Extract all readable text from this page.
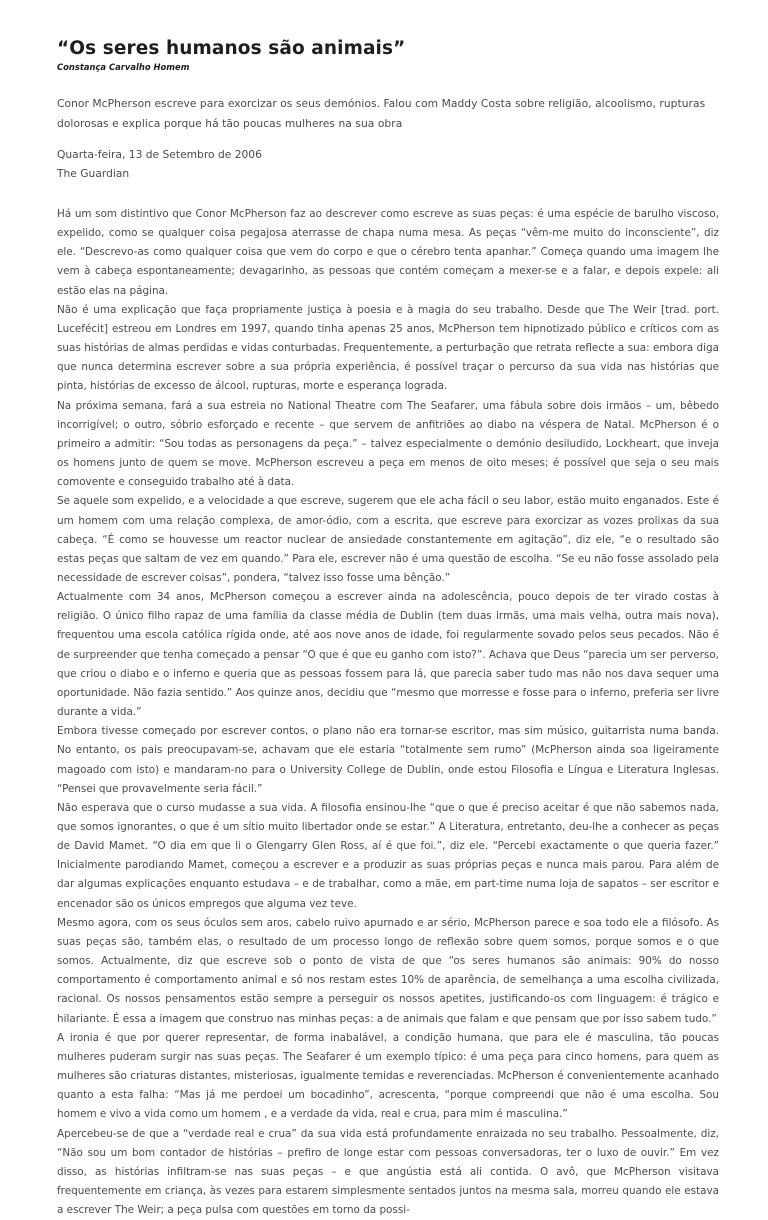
“Os seres humanos são animais”
Constança Carvalho Homem

Conor McPherson escreve para exorcizar os seus demónios. Falou com Maddy Costa sobre religião, alcoolismo, rupturas dolorosas e explica porque há tão poucas mulheres na sua obra

Quarta-feira, 13 de Setembro de 2006
The Guardian

Há um som distintivo que Conor McPherson faz ao descrever como escreve as suas peças: é uma espécie de barulho viscoso, expelido, como se qualquer coisa pegajosa aterrasse de chapa numa mesa. As peças “vêm-me muito do inconsciente”, diz ele. “Descrevo-as como qualquer coisa que vem do corpo e que o cérebro tenta apanhar.” Começa quando uma imagem lhe vem à cabeça espontaneamente; devagarinho, as pessoas que contém começam a mexer-se e a falar, e depois expele: ali estão elas na página.

Não é uma explicação que faça propriamente justiça à poesia e à magia do seu trabalho. Desde que The Weir [trad. port. Lucefécit] estreou em Londres em 1997, quando tinha apenas 25 anos, McPherson tem hipnotizado público e críticos com as suas histórias de almas perdidas e vidas conturbadas. Frequentemente, a perturbação que retrata reflecte a sua: embora diga que nunca determina escrever sobre a sua própria experiência, é possível traçar o percurso da sua vida nas histórias que pinta, histórias de excesso de álcool, rupturas, morte e esperança lograda.

Na próxima semana, fará a sua estreia no National Theatre com The Seafarer, uma fábula sobre dois irmãos – um, bêbedo incorrigível; o outro, sóbrio esforçado e recente – que servem de anfitriões ao diabo na véspera de Natal. McPherson é o primeiro a admitir: “Sou todas as personagens da peça.” – talvez especialmente o demónio desiludido, Lockheart, que inveja os homens junto de quem se move. McPherson escreveu a peça em menos de oito meses; é possível que seja o seu mais comovente e conseguido trabalho até à data.

Se aquele som expelido, e a velocidade a que escreve, sugerem que ele acha fácil o seu labor, estão muito enganados. Este é um homem com uma relação complexa, de amor-ódio, com a escrita, que escreve para exorcizar as vozes prolixas da sua cabeça. “É como se houvesse um reactor nuclear de ansiedade constantemente em agitação”, diz ele, “e o resultado são estas peças que saltam de vez em quando.” Para ele, escrever não é uma questão de escolha. “Se eu não fosse assolado pela necessidade de escrever coisas”, pondera, “talvez isso fosse uma bênção.”

Actualmente com 34 anos, McPherson começou a escrever ainda na adolescência, pouco depois de ter virado costas à religião. O único filho rapaz de uma família da classe média de Dublin (tem duas irmãs, uma mais velha, outra mais nova), frequentou uma escola católica rígida onde, até aos nove anos de idade, foi regularmente sovado pelos seus pecados. Não é de surpreender que tenha começado a pensar “O que é que eu ganho com isto?”. Achava que Deus “parecia um ser perverso, que criou o diabo e o inferno e queria que as pessoas fossem para lá, que parecia saber tudo mas não nos dava sequer uma oportunidade. Não fazia sentido.” Aos quinze anos, decidiu que “mesmo que morresse e fosse para o inferno, preferia ser livre durante a vida.”

Embora tivesse começado por escrever contos, o plano não era tornar-se escritor, mas sim músico, guitarrista numa banda. No entanto, os pais preocupavam-se, achavam que ele estaria “totalmente sem rumo” (McPherson ainda soa ligeiramente magoado com isto) e mandaram-no para o University College de Dublin, onde estou Filosofia e Língua e Literatura Inglesas. “Pensei que provavelmente seria fácil.”

Não esperava que o curso mudasse a sua vida. A filosofia ensinou-lhe “que o que é preciso aceitar é que não sabemos nada, que somos ignorantes, o que é um sítio muito libertador onde se estar.” A Literatura, entretanto, deu-lhe a conhecer as peças de David Mamet. “O dia em que li o Glengarry Glen Ross, aí é que foi.”, diz ele. “Percebi exactamente o que queria fazer.” Inicialmente parodiando Mamet, começou a escrever e a produzir as suas próprias peças e nunca mais parou. Para além de dar algumas explicações enquanto estudava – e de trabalhar, como a mãe, em part-time numa loja de sapatos – ser escritor e encenador são os únicos empregos que alguma vez teve.

Mesmo agora, com os seus óculos sem aros, cabelo ruivo apurnado e ar sério, McPherson parece e soa todo ele a filósofo. As suas peças são, também elas, o resultado de um processo longo de reflexão sobre quem somos, porque somos e o que somos. Actualmente, diz que escreve sob o ponto de vista de que “os seres humanos são animais: 90% do nosso comportamento é comportamento animal e só nos restam estes 10% de aparência, de semelhança a uma escolha civilizada, racional. Os nossos pensamentos estão sempre a perseguir os nossos apetites, justificando-os com linguagem: é trágico e hilariante. É essa a imagem que construo nas minhas peças: a de animais que falam e que pensam que por isso sabem tudo.”

A ironia é que por querer representar, de forma inabalável, a condição humana, que para ele é masculina, tão poucas mulheres puderam surgir nas suas peças. The Seafarer é um exemplo típico: é uma peça para cinco homens, para quem as mulheres são criaturas distantes, misteriosas, igualmente temidas e reverenciadas. McPherson é convenientemente acanhado quanto a esta falha: “Mas já me perdoei um bocadinho”, acrescenta, “porque compreendi que não é uma escolha. Sou homem e vivo a vida como um homem , e a verdade da vida, real e crua, para mim é masculina.”

Apercebeu-se de que a “verdade real e crua” da sua vida está profundamente enraizada no seu trabalho. Pessoalmente, diz, “Não sou um bom contador de histórias – prefiro de longe estar com pessoas conversadoras, ter o luxo de ouvir.” Em vez disso, as histórias infiltram-se nas suas peças – e que angústia está ali contida. O avô, que McPherson visitava frequentemente em criança, às vezes para estarem simplesmente sentados juntos na mesma sala, morreu quando ele estava a escrever The Weir; a peça pulsa com questões em torno da possi-
